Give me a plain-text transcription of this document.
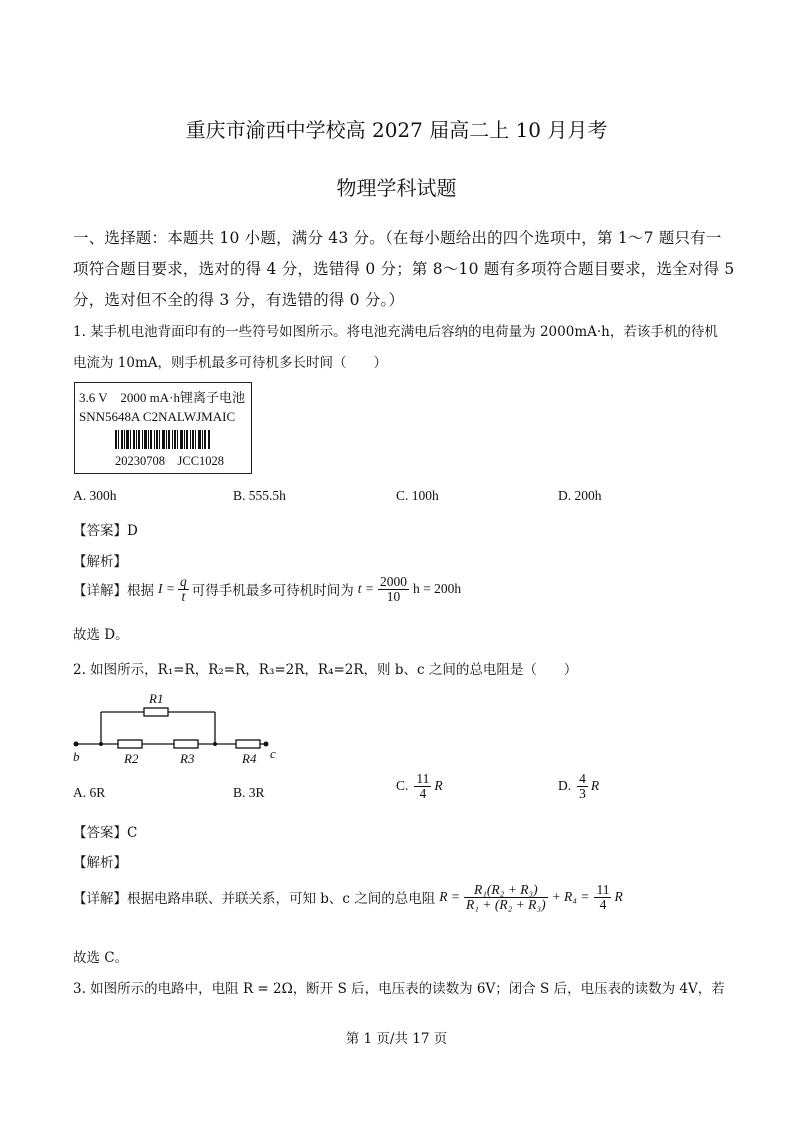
重庆市渝西中学校高 2027 届高二上 10 月月考
物理学科试题
一、选择题：本题共 10 小题，满分 43 分。（在每小题给出的四个选项中，第 1～7 题只有一
项符合题目要求，选对的得 4 分，选错得 0 分；第 8～10 题有多项符合题目要求，选全对得 5
分，选对但不全的得 3 分，有选错的得 0 分。）
1. 某手机电池背面印有的一些符号如图所示。将电池充满电后容纳的电荷量为 2000mA·h，若该手机的待机
电流为 10mA，则手机最多可待机多长时间（　　）
3.6 V　2000 mA·h锂离子电池
SNN5648A C2NALWJMAIC
20230708　JCC1028
A. 300h	B. 555.5h	C. 100h	D. 200h
【答案】D
【解析】
【详解】根据 $I = \frac{q}{t}$ 可得手机最多可待机时间为 $t = \frac{2000}{10}$ h = 200h
故选 D。
2. 如图所示，R₁=R，R₂=R，R₃=2R，R₄=2R，则 b、c 之间的总电阻是（　　）
R1
R2	R3	R4
b	c
A. 6R	B. 3R	C. $\frac{11}{4}$ R	D. $\frac{4}{3}$ R
【答案】C
【解析】
【详解】根据电路串联、并联关系，可知 b、c 之间的总电阻 $R = \frac{\text{R₁(R₂ + R₃)}}{\text{R₁ + (R₂ + R₃)}} + R_4 = \frac{11}{4}$ R
故选 C。
3. 如图所示的电路中，电阻 R = 2Ω，断开 S 后，电压表的读数为 6V；闭合 S 后，电压表的读数为 4V，若
第 1 页/共 17 页
